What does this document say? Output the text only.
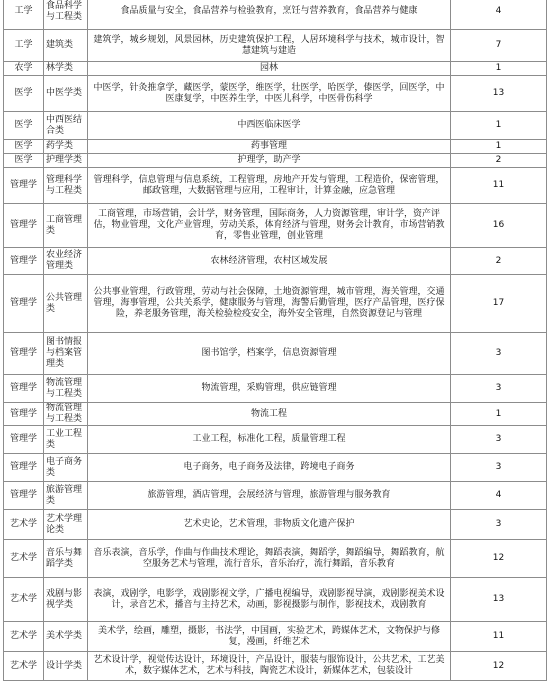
工学	食品科学与工程类	食品质量与安全，食品营养与检验教育，烹饪与营养教育，食品营养与健康	4
工学	建筑类	建筑学，城乡规划，风景园林，历史建筑保护工程，人居环境科学与技术，城市设计，智慧建筑与建造	7
农学	林学类	园林	1
医学	中医学类	中医学，针灸推拿学，藏医学，蒙医学，维医学，壮医学，哈医学，傣医学，回医学，中医康复学，中医养生学，中医儿科学，中医骨伤科学	13
医学	中西医结合类	中西医临床医学	1
医学	药学类	药事管理	1
医学	护理学类	护理学，助产学	2
管理学	管理科学与工程类	管理科学，信息管理与信息系统，工程管理，房地产开发与管理，工程造价，保密管理，邮政管理，大数据管理与应用，工程审计，计算金融，应急管理	11
管理学	工商管理类	工商管理，市场营销，会计学，财务管理，国际商务，人力资源管理，审计学，资产评估，物业管理，文化产业管理，劳动关系，体育经济与管理，财务会计教育，市场营销教育，零售业管理，创业管理	16
管理学	农业经济管理类	农林经济管理，农村区域发展	2
管理学	公共管理类	公共事业管理，行政管理，劳动与社会保障，土地资源管理，城市管理，海关管理，交通管理，海事管理，公共关系学，健康服务与管理，海警后勤管理，医疗产品管理，医疗保险，养老服务管理，海关检验检疫安全，海外安全管理，自然资源登记与管理	17
管理学	图书情报与档案管理类	图书馆学，档案学，信息资源管理	3
管理学	物流管理与工程类	物流管理，采购管理，供应链管理	3
管理学	物流管理与工程类	物流工程	1
管理学	工业工程类	工业工程，标准化工程，质量管理工程	3
管理学	电子商务类	电子商务，电子商务及法律，跨境电子商务	3
管理学	旅游管理类	旅游管理，酒店管理，会展经济与管理，旅游管理与服务教育	4
艺术学	艺术学理论类	艺术史论，艺术管理，非物质文化遗产保护	3
艺术学	音乐与舞蹈学类	音乐表演，音乐学，作曲与作曲技术理论，舞蹈表演，舞蹈学，舞蹈编导，舞蹈教育，航空服务艺术与管理，流行音乐，音乐治疗，流行舞蹈，音乐教育	12
艺术学	戏剧与影视学类	表演，戏剧学，电影学，戏剧影视文学，广播电视编导，戏剧影视导演，戏剧影视美术设计，录音艺术，播音与主持艺术，动画，影视摄影与制作，影视技术，戏剧教育	13
艺术学	美术学类	美术学，绘画，雕塑，摄影，书法学，中国画，实验艺术，跨媒体艺术，文物保护与修复，漫画，纤维艺术	11
艺术学	设计学类	艺术设计学，视觉传达设计，环境设计，产品设计，服装与服饰设计，公共艺术，工艺美术，数字媒体艺术，艺术与科技，陶瓷艺术设计，新媒体艺术，包装设计	12
